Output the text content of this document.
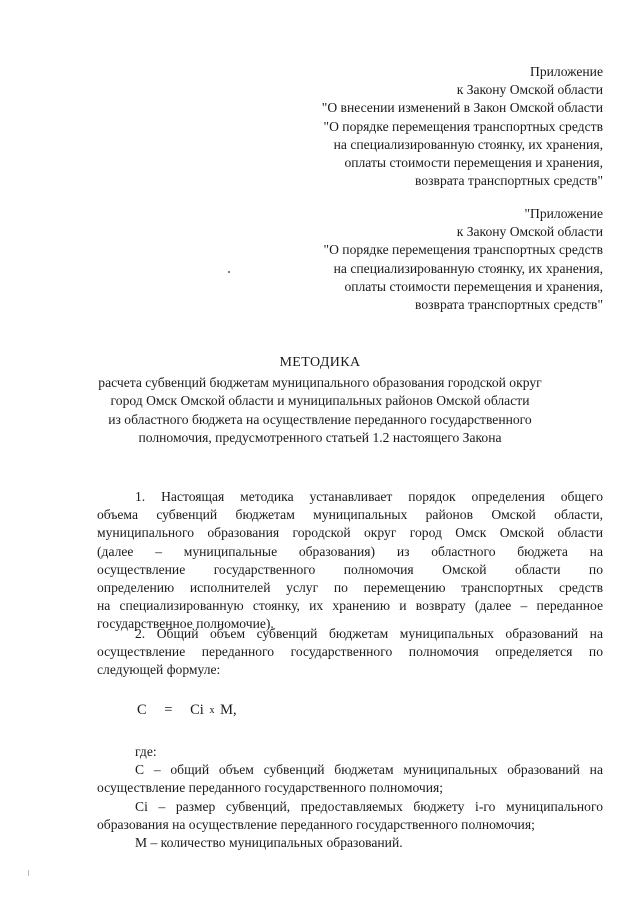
Приложение
к Закону Омской области
"О внесении изменений в Закон Омской области
"О порядке перемещения транспортных средств
на специализированную стоянку, их хранения,
оплаты стоимости перемещения и хранения,
возврата транспортных средств"
"Приложение
к Закону Омской области
"О порядке перемещения транспортных средств
на специализированную стоянку, их хранения,
оплаты стоимости перемещения и хранения,
возврата транспортных средств"
МЕТОДИКА
расчета субвенций бюджетам муниципального образования городской округ
город Омск Омской области и муниципальных районов Омской области
из областного бюджета на осуществление переданного государственного
полномочия, предусмотренного статьей 1.2 настоящего Закона
1. Настоящая методика устанавливает порядок определения общего
объема субвенций бюджетам муниципальных районов Омской области,
муниципального образования городской округ город Омск Омской области
(далее – муниципальные образования) из областного бюджета на
осуществление государственного полномочия Омской области по
определению исполнителей услуг по перемещению транспортных средств
на специализированную стоянку, их хранению и возврату (далее – переданное
государственное полномочие).
2. Общий объем субвенций бюджетам муниципальных образований на
осуществление переданного государственного полномочия определяется по
следующей формуле:
С = Сi x М,
где:
С – общий объем субвенций бюджетам муниципальных образований на
осуществление переданного государственного полномочия;
Сi – размер субвенций, предоставляемых бюджету i-го муниципального
образования на осуществление переданного государственного полномочия;
М – количество муниципальных образований.
